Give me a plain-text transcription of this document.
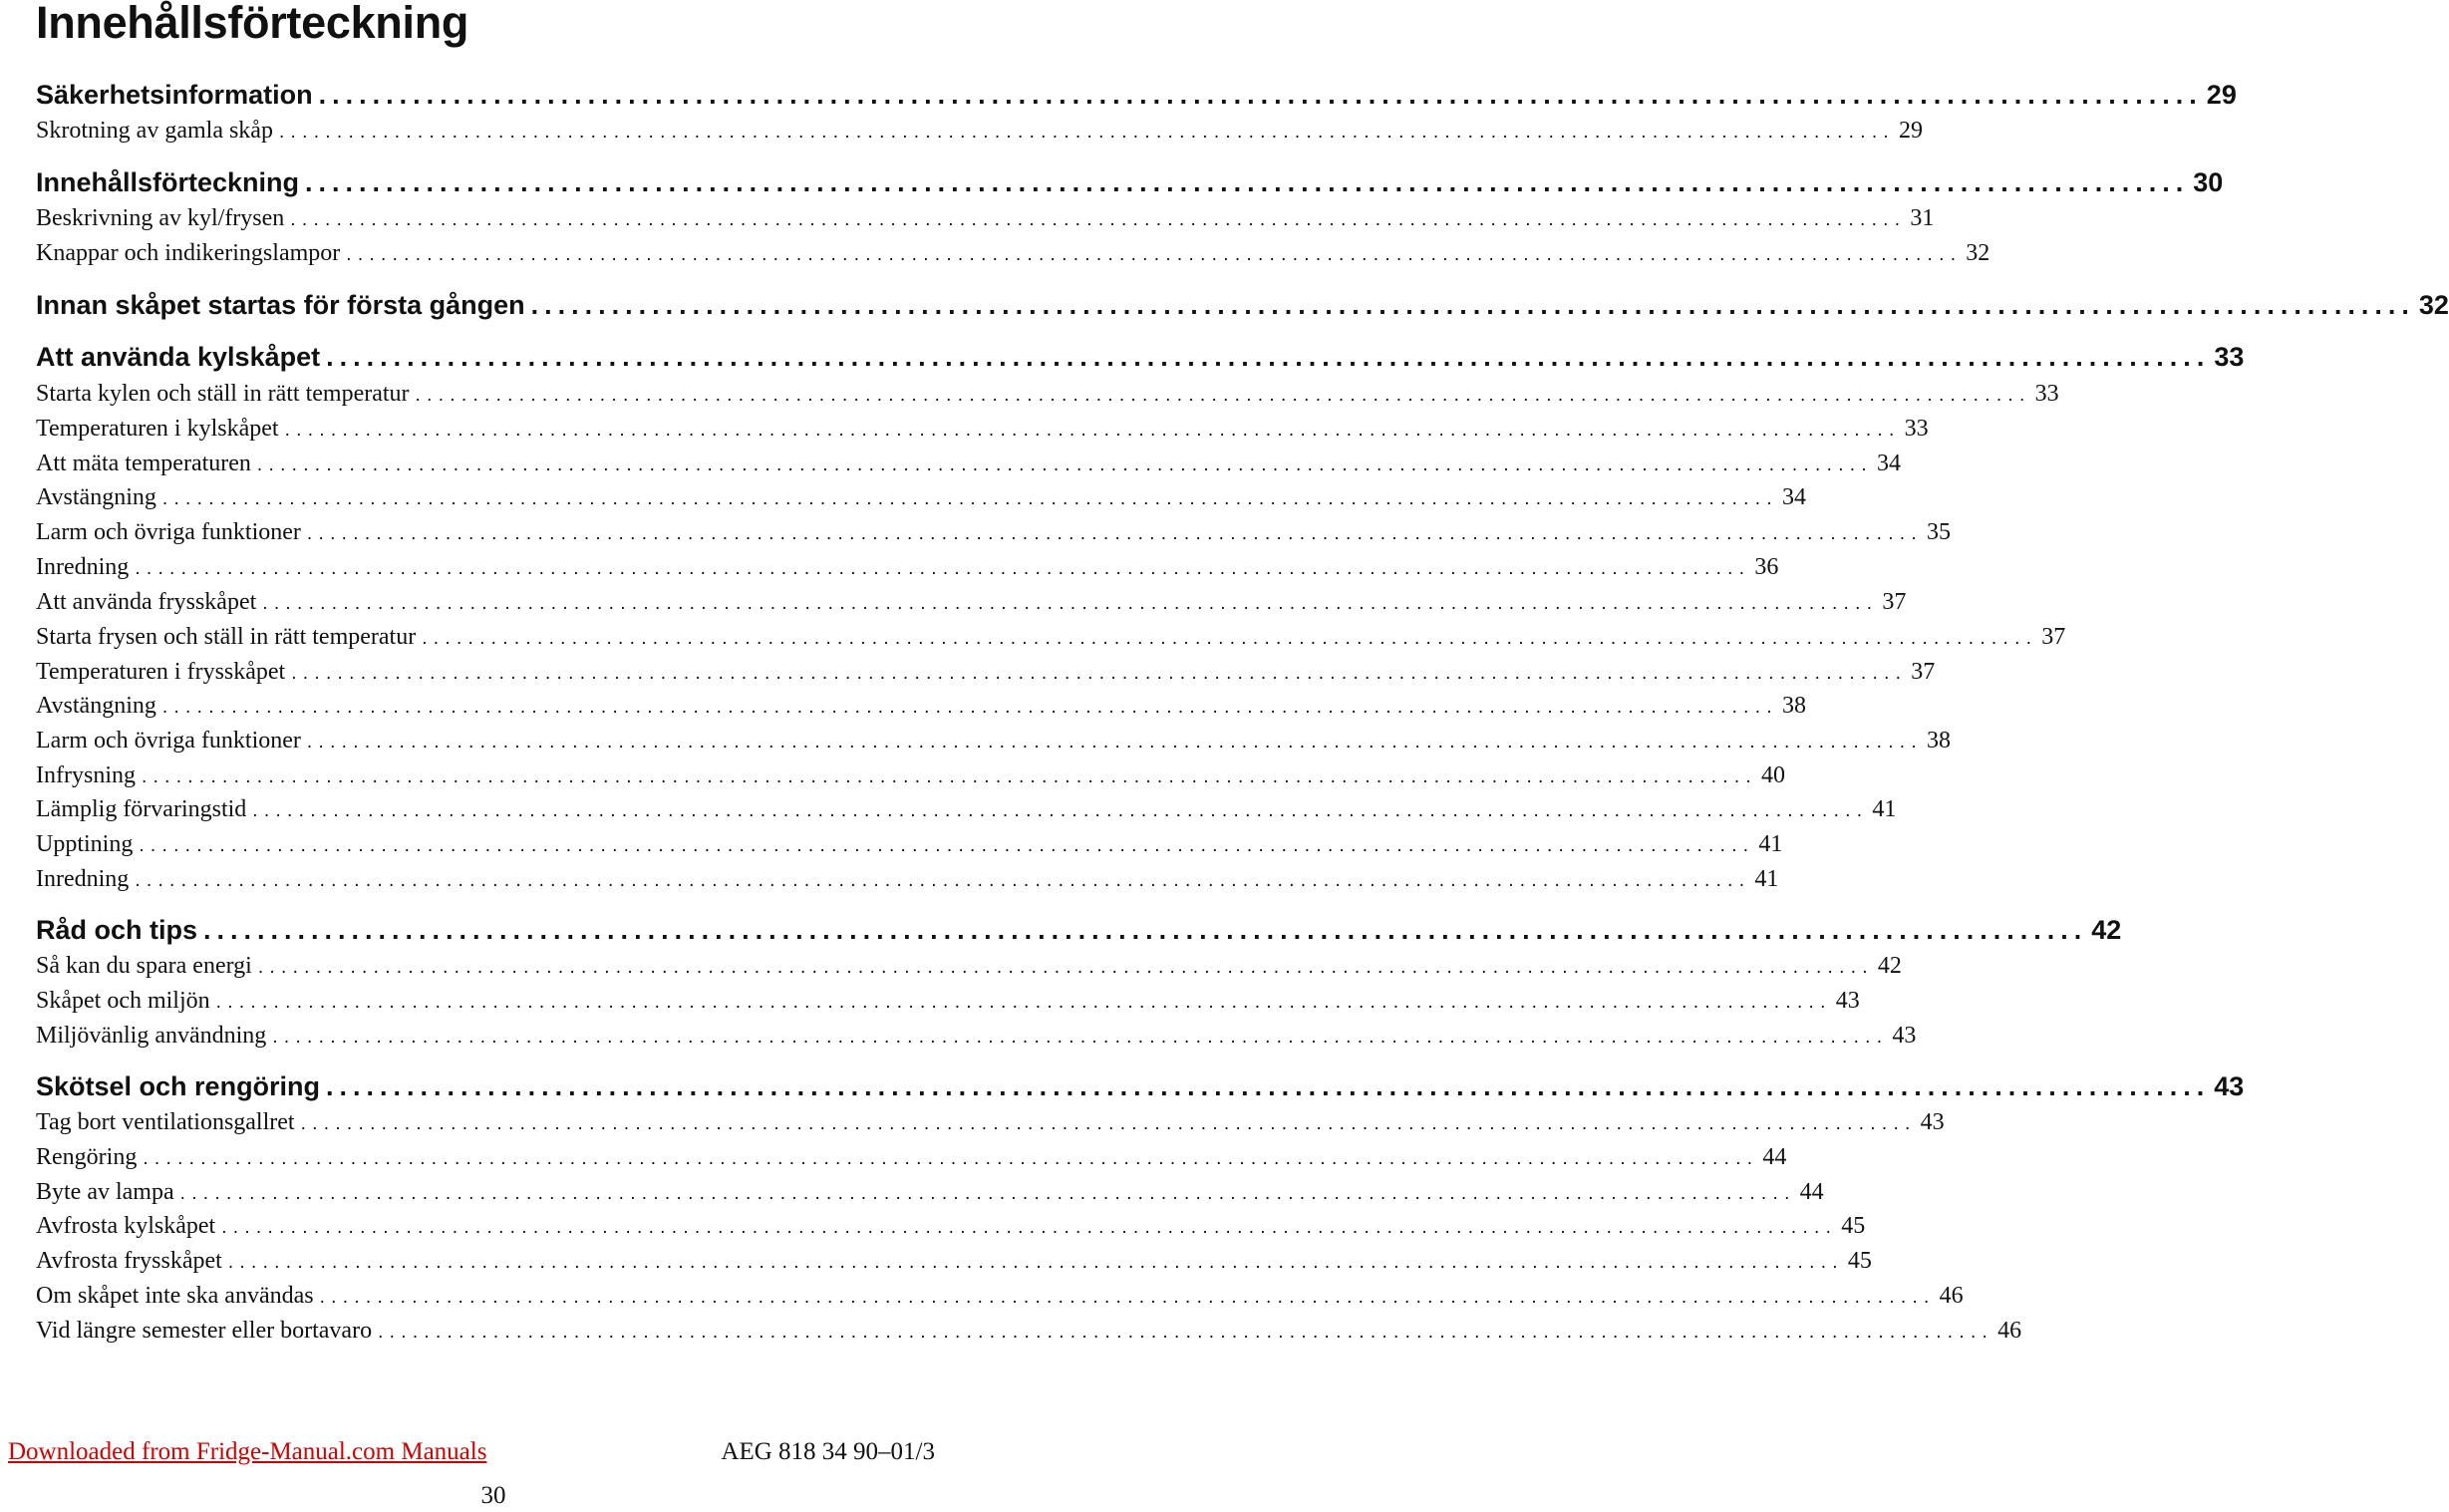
Innehållsförteckning
Säkerhetsinformation ............................................................................................................................................ 29
Skrotning av gamla skåp ............................................................................................................................................ 29
Innehållsförteckning ............................................................................................................................................ 30
Beskrivning av kyl/frysen ............................................................................................................................................ 31
Knappar och indikeringslampor ............................................................................................................................................ 32
Innan skåpet startas för första gången ............................................................................................................................................ 32
Att använda kylskåpet ............................................................................................................................................ 33
Starta kylen och ställ in rätt temperatur ............................................................................................................................................ 33
Temperaturen i kylskåpet ............................................................................................................................................ 33
Att mäta temperaturen ............................................................................................................................................ 34
Avstängning ............................................................................................................................................ 34
Larm och övriga funktioner ............................................................................................................................................ 35
Inredning ............................................................................................................................................ 36
Att använda frysskåpet ............................................................................................................................................ 37
Starta frysen och ställ in rätt temperatur ............................................................................................................................................ 37
Temperaturen i frysskåpet ............................................................................................................................................ 37
Avstängning ............................................................................................................................................ 38
Larm och övriga funktioner ............................................................................................................................................ 38
Infrysning ............................................................................................................................................ 40
Lämplig förvaringstid ............................................................................................................................................ 41
Upptining ............................................................................................................................................ 41
Inredning ............................................................................................................................................ 41
Råd och tips ............................................................................................................................................ 42
Så kan du spara energi ............................................................................................................................................ 42
Skåpet och miljön ............................................................................................................................................ 43
Miljövänlig användning ............................................................................................................................................ 43
Skötsel och rengöring ............................................................................................................................................ 43
Tag bort ventilationsgallret ............................................................................................................................................ 43
Rengöring ............................................................................................................................................ 44
Byte av lampa ............................................................................................................................................ 44
Avfrosta kylskåpet ............................................................................................................................................ 45
Avfrosta frysskåpet ............................................................................................................................................ 45
Om skåpet inte ska användas ............................................................................................................................................ 46
Vid längre semester eller bortavaro ............................................................................................................................................ 46
Downloaded from Fridge-Manual.com Manuals	AEG 818 34 90–01/3
30
